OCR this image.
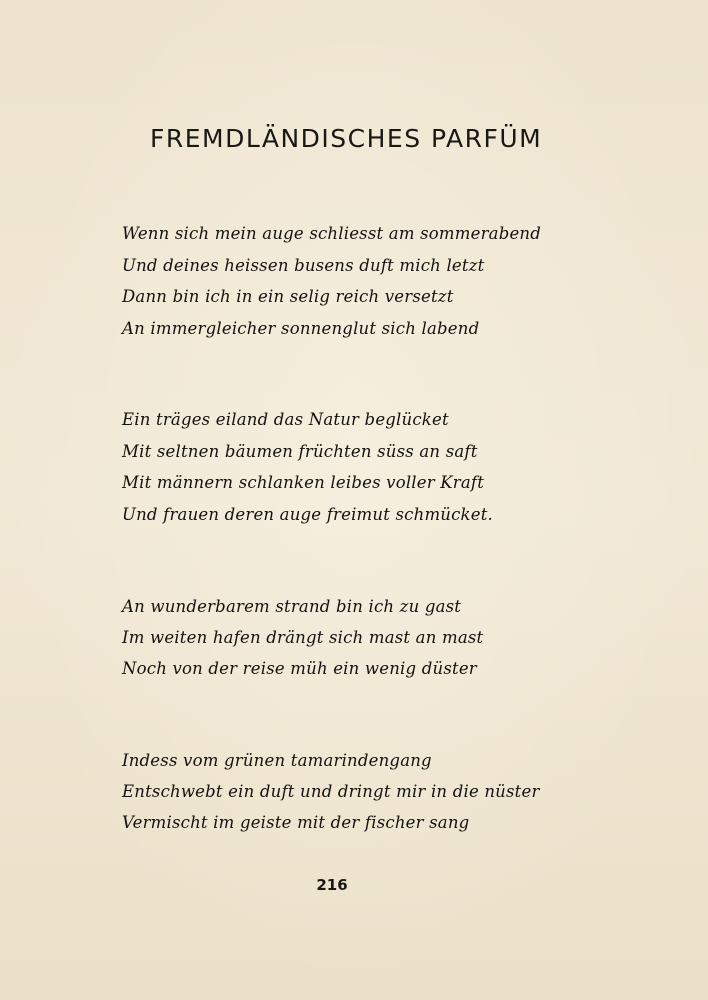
FREMDLÄNDISCHES PARFÜM
Wenn sich mein auge schliesst am sommerabend
Und deines heissen busens duft mich letzt
Dann bin ich in ein selig reich versetzt
An immergleicher sonnenglut sich labend
Ein träges eiland das Natur beglücket
Mit seltnen bäumen früchten süss an saft
Mit männern schlanken leibes voller Kraft
Und frauen deren auge freimut schmücket.
An wunderbarem strand bin ich zu gast
Im weiten hafen drängt sich mast an mast
Noch von der reise müh ein wenig düster
Indess vom grünen tamarindengang
Entschwebt ein duft und dringt mir in die nüster
Vermischt im geiste mit der fischer sang
216
